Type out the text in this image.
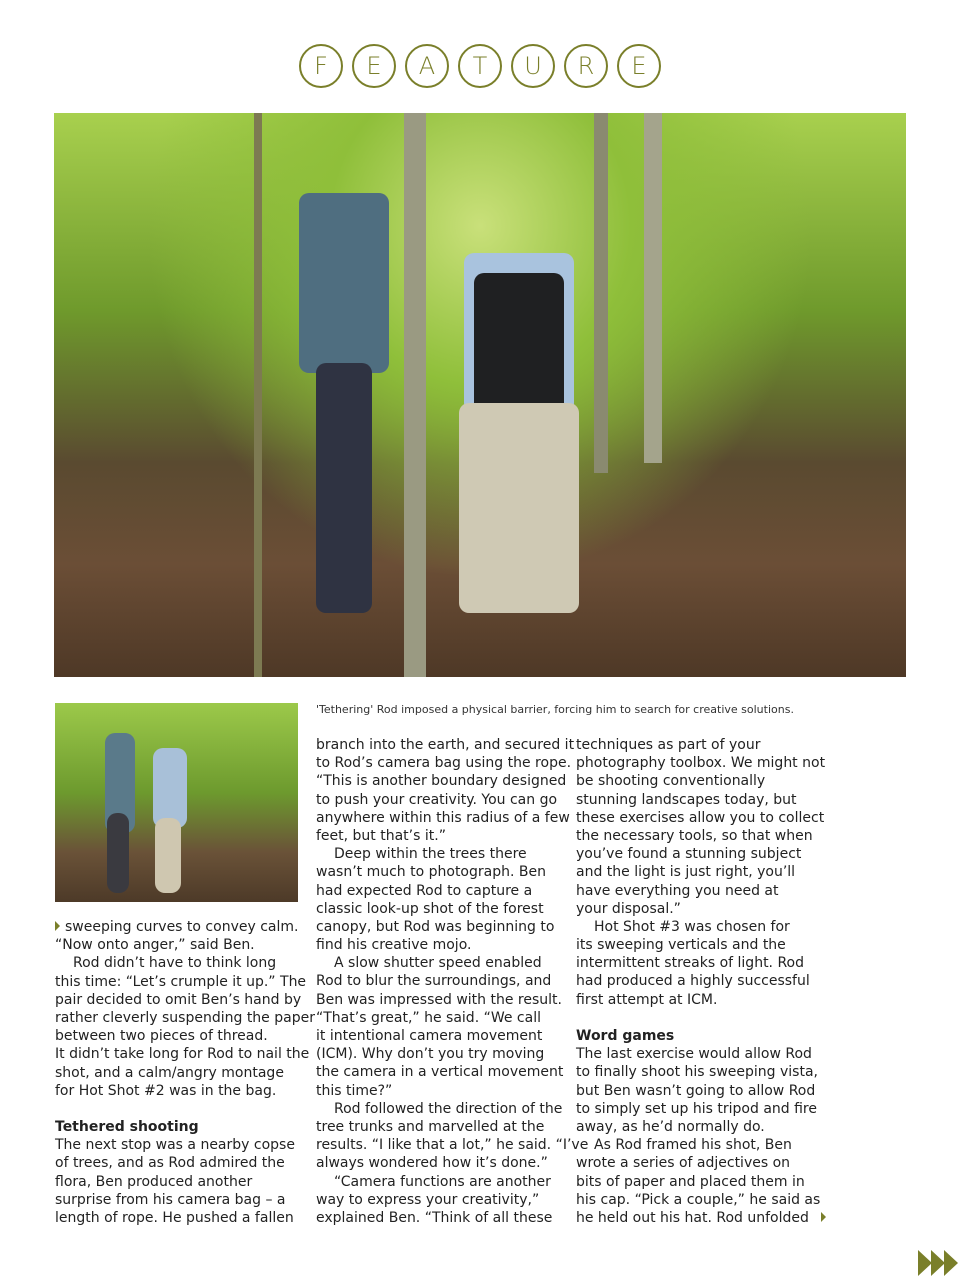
F	E	A	T	U	R	E
'Tethering' Rod imposed a physical barrier, forcing him to search for creative solutions.
sweeping curves to convey calm.
“Now onto anger,” said Ben.
Rod didn’t have to think long
this time: “Let’s crumple it up.” The
pair decided to omit Ben’s hand by
rather cleverly suspending the paper
between two pieces of thread.
It didn’t take long for Rod to nail the
shot, and a calm/angry montage
for Hot Shot #2 was in the bag.
Tethered shooting
The next stop was a nearby copse
of trees, and as Rod admired the
flora, Ben produced another
surprise from his camera bag – a
length of rope. He pushed a fallen
branch into the earth, and secured it
to Rod’s camera bag using the rope.
“This is another boundary designed
to push your creativity. You can go
anywhere within this radius of a few
feet, but that’s it.”
Deep within the trees there
wasn’t much to photograph. Ben
had expected Rod to capture a
classic look-up shot of the forest
canopy, but Rod was beginning to
find his creative mojo.
A slow shutter speed enabled
Rod to blur the surroundings, and
Ben was impressed with the result.
“That’s great,” he said. “We call
it intentional camera movement
(ICM). Why don’t you try moving
the camera in a vertical movement
this time?”
Rod followed the direction of the
tree trunks and marvelled at the
results. “I like that a lot,” he said. “I’ve
always wondered how it’s done.”
“Camera functions are another
way to express your creativity,”
explained Ben. “Think of all these
techniques as part of your
photography toolbox. We might not
be shooting conventionally
stunning landscapes today, but
these exercises allow you to collect
the necessary tools, so that when
you’ve found a stunning subject
and the light is just right, you’ll
have everything you need at
your disposal.”
Hot Shot #3 was chosen for
its sweeping verticals and the
intermittent streaks of light. Rod
had produced a highly successful
first attempt at ICM.
Word games
The last exercise would allow Rod
to finally shoot his sweeping vista,
but Ben wasn’t going to allow Rod
to simply set up his tripod and fire
away, as he’d normally do.
As Rod framed his shot, Ben
wrote a series of adjectives on
bits of paper and placed them in
his cap. “Pick a couple,” he said as
he held out his hat. Rod unfolded
